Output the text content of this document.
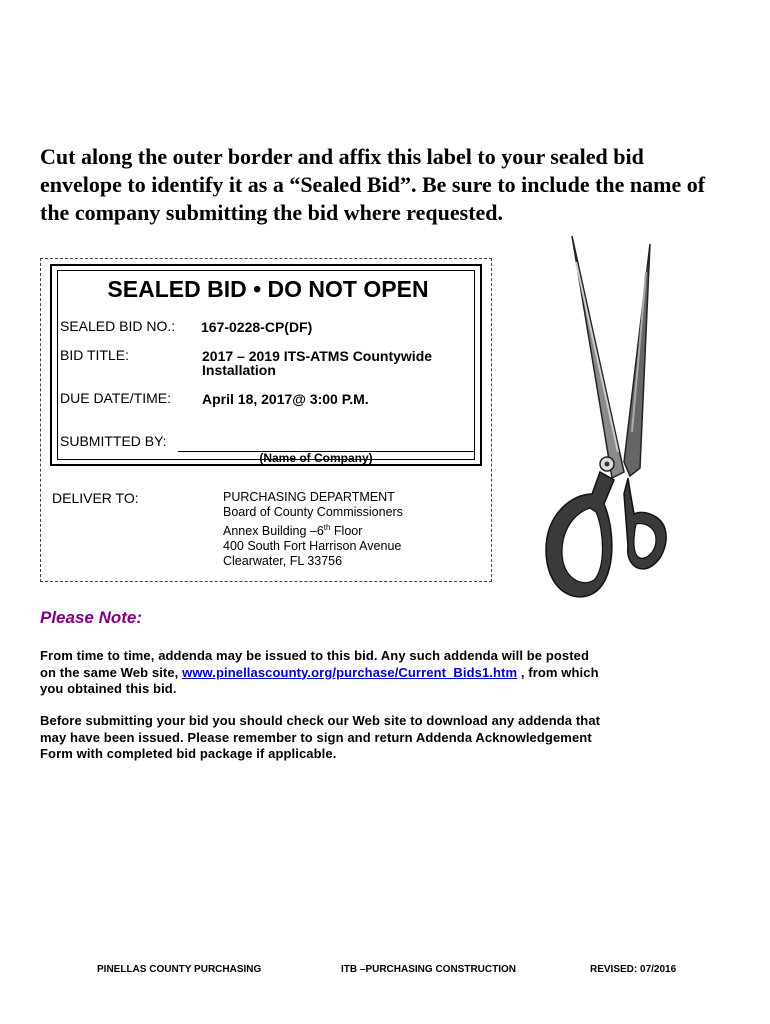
Cut along the outer border and affix this label to your sealed bid
envelope to identify it as a “Sealed Bid”. Be sure to include the name of
the company submitting the bid where requested.
SEALED BID • DO NOT OPEN
SEALED BID NO.: 167-0228-CP(DF)
BID TITLE:	2017 – 2019 ITS-ATMS Countywide
Installation
DUE DATE/TIME: April 18, 2017@ 3:00 P.M.
SUBMITTED BY:
(Name of Company)
DELIVER TO:	PURCHASING DEPARTMENT
Board of County Commissioners
Annex Building –6th Floor
400 South Fort Harrison Avenue
Clearwater, FL 33756
Please Note:
From time to time, addenda may be issued to this bid. Any such addenda will be posted
on the same Web site, www.pinellascounty.org/purchase/Current_Bids1.htm , from which
you obtained this bid.
Before submitting your bid you should check our Web site to download any addenda that
may have been issued. Please remember to sign and return Addenda Acknowledgement
Form with completed bid package if applicable.
PINELLAS COUNTY PURCHASING	ITB –PURCHASING CONSTRUCTION	REVISED: 07/2016
